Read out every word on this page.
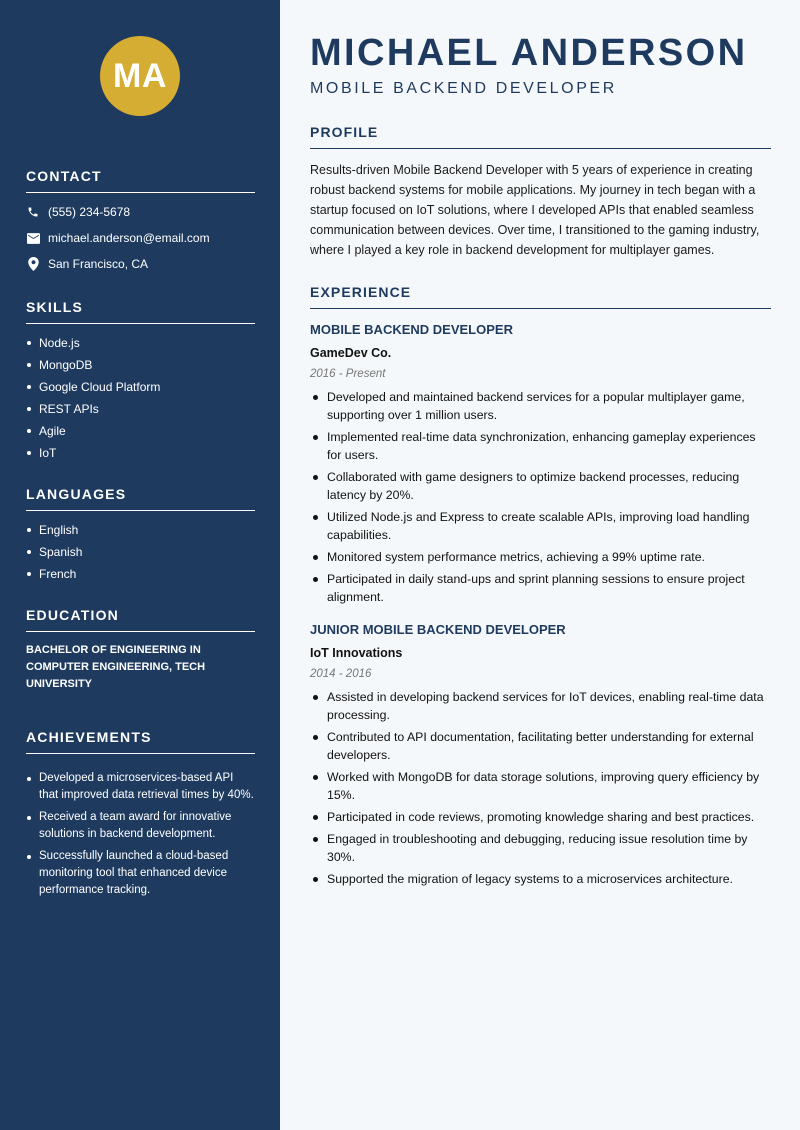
MA
CONTACT
(555) 234-5678
michael.anderson@email.com
San Francisco, CA
SKILLS
Node.js
MongoDB
Google Cloud Platform
REST APIs
Agile
IoT
LANGUAGES
English
Spanish
French
EDUCATION
BACHELOR OF ENGINEERING IN COMPUTER ENGINEERING, TECH UNIVERSITY
ACHIEVEMENTS
Developed a microservices-based API that improved data retrieval times by 40%.
Received a team award for innovative solutions in backend development.
Successfully launched a cloud-based monitoring tool that enhanced device performance tracking.
MICHAEL ANDERSON
MOBILE BACKEND DEVELOPER
PROFILE

Results-driven Mobile Backend Developer with 5 years of experience in creating robust backend systems for mobile applications. My journey in tech began with a startup focused on IoT solutions, where I developed APIs that enabled seamless communication between devices. Over time, I transitioned to the gaming industry, where I played a key role in backend development for multiplayer games.

EXPERIENCE
MOBILE BACKEND DEVELOPER
GameDev Co.
2016 - Present
Developed and maintained backend services for a popular multiplayer game, supporting over 1 million users.
Implemented real-time data synchronization, enhancing gameplay experiences for users.
Collaborated with game designers to optimize backend processes, reducing latency by 20%.
Utilized Node.js and Express to create scalable APIs, improving load handling capabilities.
Monitored system performance metrics, achieving a 99% uptime rate.
Participated in daily stand-ups and sprint planning sessions to ensure project alignment.
JUNIOR MOBILE BACKEND DEVELOPER
IoT Innovations
2014 - 2016
Assisted in developing backend services for IoT devices, enabling real-time data processing.
Contributed to API documentation, facilitating better understanding for external developers.
Worked with MongoDB for data storage solutions, improving query efficiency by 15%.
Participated in code reviews, promoting knowledge sharing and best practices.
Engaged in troubleshooting and debugging, reducing issue resolution time by 30%.
Supported the migration of legacy systems to a microservices architecture.
